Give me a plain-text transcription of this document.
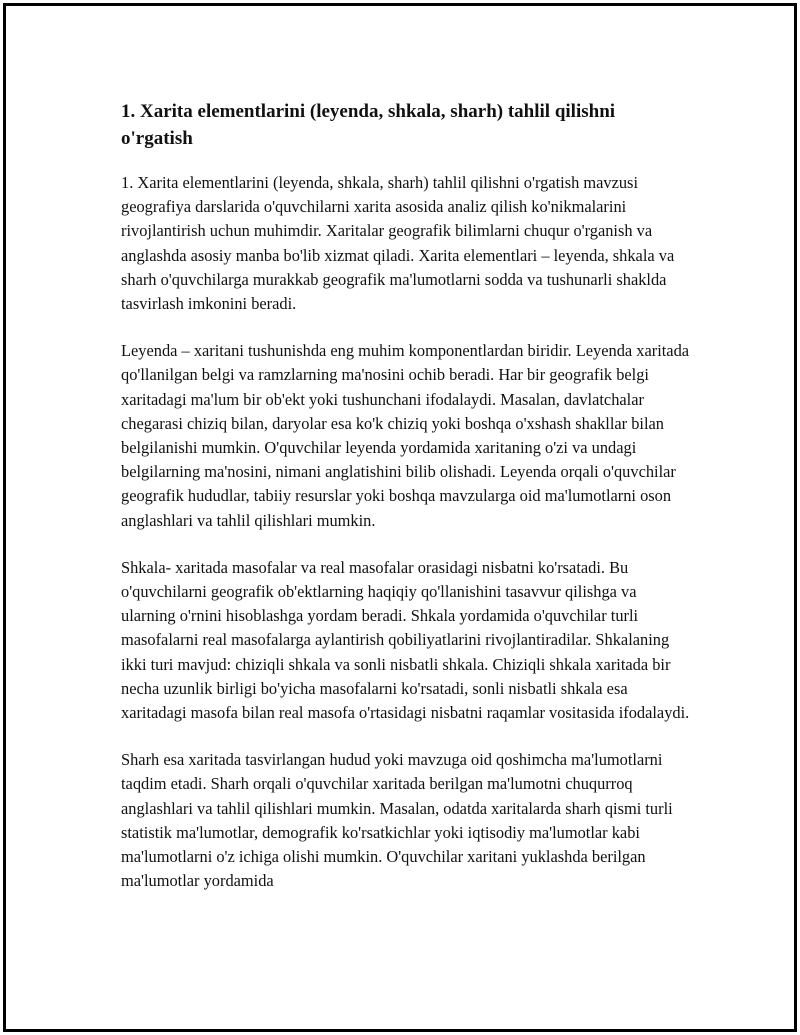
1. Xarita elementlarini (leyenda, shkala, sharh) tahlil qilishni o'rgatish

1. Xarita elementlarini (leyenda, shkala, sharh) tahlil qilishni o'rgatish mavzusi geografiya darslarida o'quvchilarni xarita asosida analiz qilish ko'nikmalarini rivojlantirish uchun muhimdir. Xaritalar geografik bilimlarni chuqur o'rganish va anglashda asosiy manba bo'lib xizmat qiladi. Xarita elementlari – leyenda, shkala va sharh o'quvchilarga murakkab geografik ma'lumotlarni sodda va tushunarli shaklda tasvirlash imkonini beradi.

Leyenda – xaritani tushunishda eng muhim komponentlardan biridir. Leyenda xaritada qo'llanilgan belgi va ramzlarning ma'nosini ochib beradi. Har bir geografik belgi xaritadagi ma'lum bir ob'ekt yoki tushunchani ifodalaydi. Masalan, davlatchalar chegarasi chiziq bilan, daryolar esa ko'k chiziq yoki boshqa o'xshash shakllar bilan belgilanishi mumkin. O'quvchilar leyenda yordamida xaritaning o'zi va undagi belgilarning ma'nosini, nimani anglatishini bilib olishadi. Leyenda orqali o'quvchilar geografik hududlar, tabiiy resurslar yoki boshqa mavzularga oid ma'lumotlarni oson anglashlari va tahlil qilishlari mumkin.

Shkala- xaritada masofalar va real masofalar orasidagi nisbatni ko'rsatadi. Bu o'quvchilarni geografik ob'ektlarning haqiqiy qo'llanishini tasavvur qilishga va ularning o'rnini hisoblashga yordam beradi. Shkala yordamida o'quvchilar turli masofalarni real masofalarga aylantirish qobiliyatlarini rivojlantiradilar. Shkalaning ikki turi mavjud: chiziqli shkala va sonli nisbatli shkala. Chiziqli shkala xaritada bir necha uzunlik birligi bo'yicha masofalarni ko'rsatadi, sonli nisbatli shkala esa xaritadagi masofa bilan real masofa o'rtasidagi nisbatni raqamlar vositasida ifodalaydi.

Sharh esa xaritada tasvirlangan hudud yoki mavzuga oid qoshimcha ma'lumotlarni taqdim etadi. Sharh orqali o'quvchilar xaritada berilgan ma'lumotni chuqurroq anglashlari va tahlil qilishlari mumkin. Masalan, odatda xaritalarda sharh qismi turli statistik ma'lumotlar, demografik ko'rsatkichlar yoki iqtisodiy ma'lumotlar kabi ma'lumotlarni o'z ichiga olishi mumkin. O'quvchilar xaritani yuklashda berilgan ma'lumotlar yordamida
